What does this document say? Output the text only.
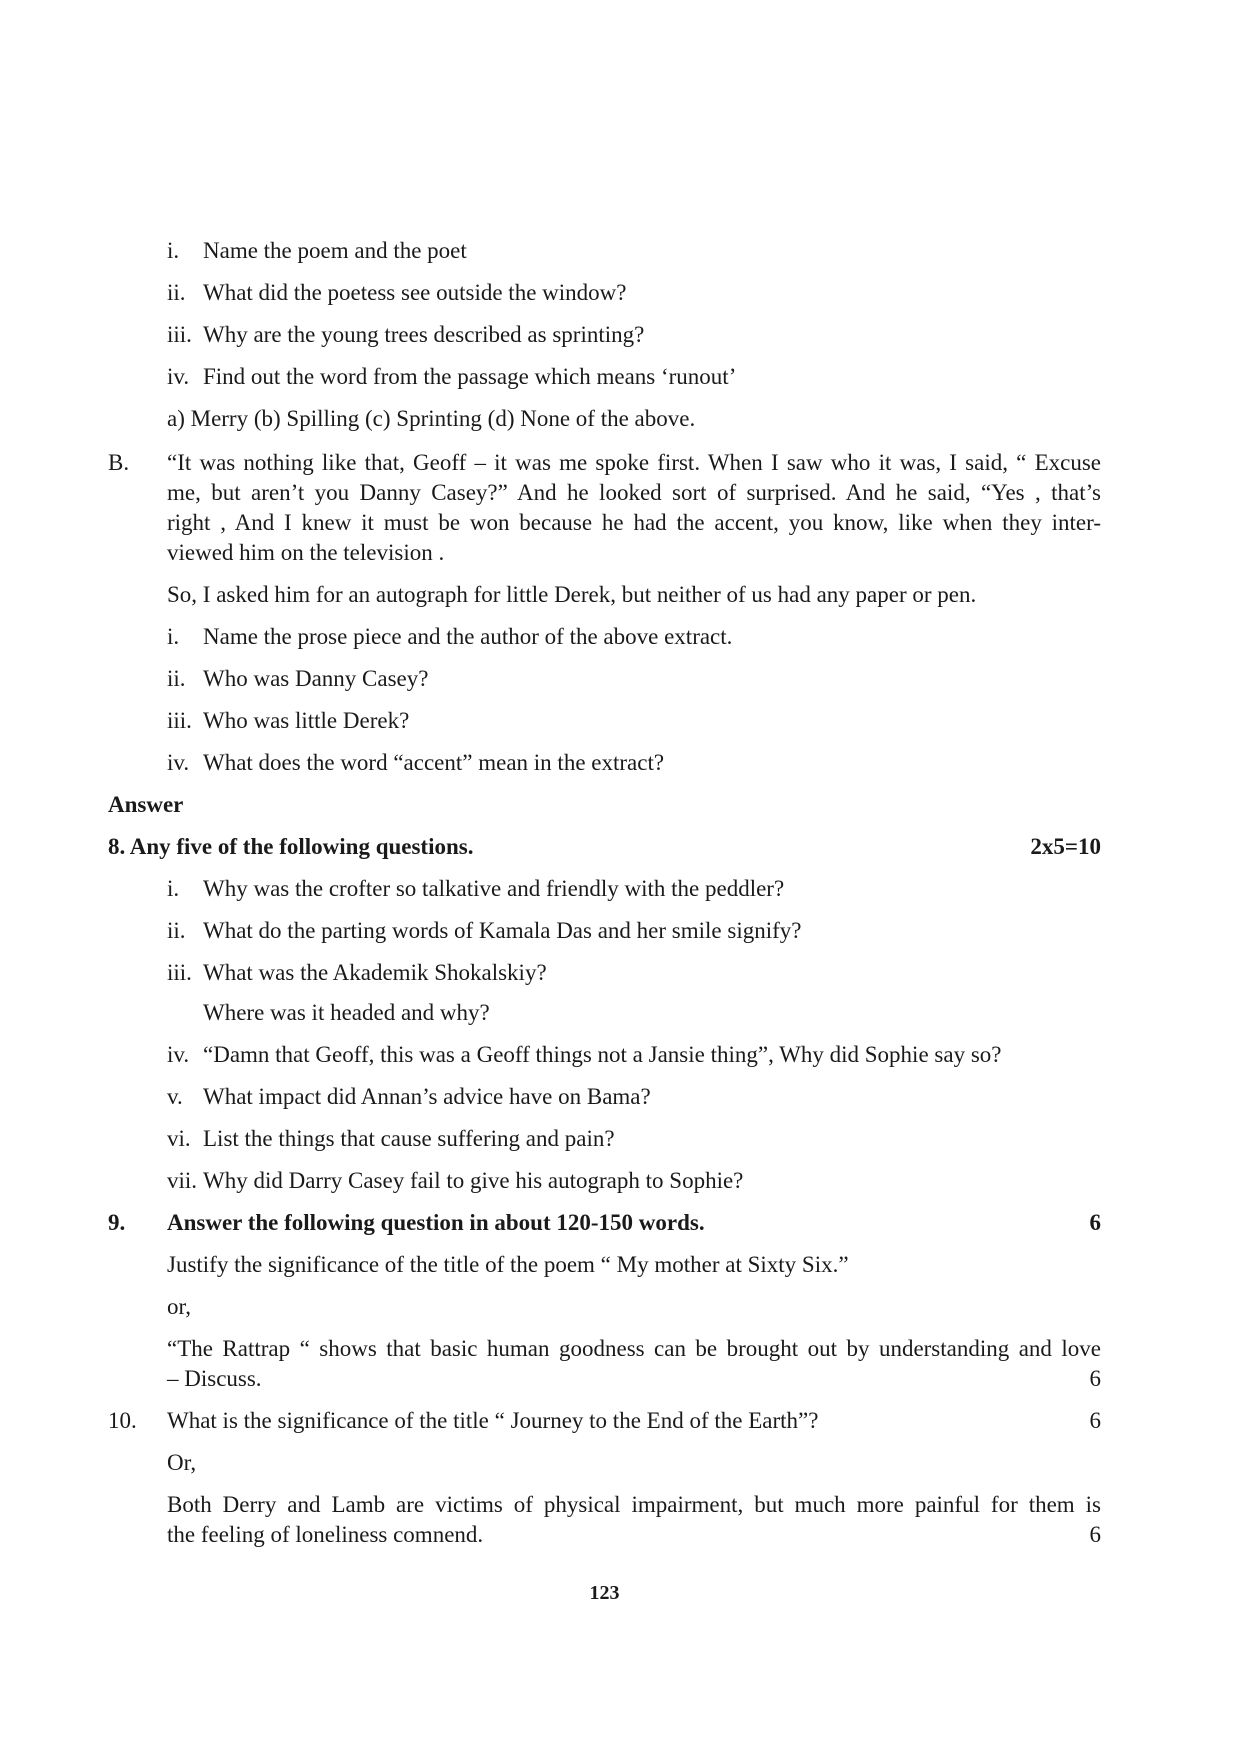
i. Name the poem and the poet
ii. What did the poetess see outside the window?
iii. Why are the young trees described as sprinting?
iv. Find out the word from the passage which means ‘runout’
a) Merry (b) Spilling (c) Sprinting (d) None of the above.
B. “It was nothing like that, Geoff – it was me spoke first. When I saw who it was, I said, “ Excuse
me, but aren’t you Danny Casey?” And he looked sort of surprised. And he said, “Yes , that’s
right , And I knew it must be won because he had the accent, you know, like when they inter-
viewed him on the television .
So, I asked him for an autograph for little Derek, but neither of us had any paper or pen.
i. Name the prose piece and the author of the above extract.
ii. Who was Danny Casey?
iii. Who was little Derek?
iv. What does the word “accent” mean in the extract?
Answer
8. Any five of the following questions.	2x5=10
i. Why was the crofter so talkative and friendly with the peddler?
ii. What do the parting words of Kamala Das and her smile signify?
iii. What was the Akademik Shokalskiy?
Where was it headed and why?
iv. “Damn that Geoff, this was a Geoff things not a Jansie thing”, Why did Sophie say so?
v. What impact did Annan’s advice have on Bama?
vi. List the things that cause suffering and pain?
vii. Why did Darry Casey fail to give his autograph to Sophie?
9. Answer the following question in about 120-150 words.	6
Justify the significance of the title of the poem “ My mother at Sixty Six.”
or,
“The Rattrap “ shows that basic human goodness can be brought out by understanding and love
– Discuss.	6
10. What is the significance of the title “ Journey to the End of the Earth”?	6
Or,
Both Derry and Lamb are victims of physical impairment, but much more painful for them is
the feeling of loneliness comnend.	6
123
